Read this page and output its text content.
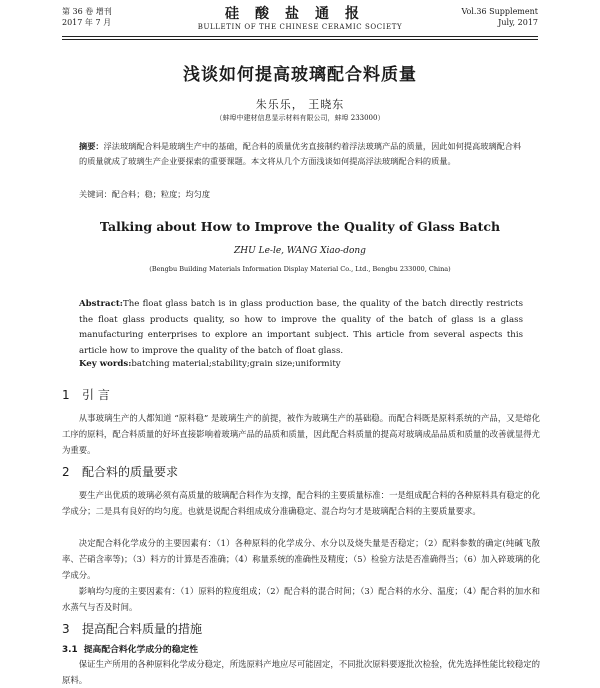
第 36 卷 增刊
2017 年 7 月
硅酸盐通报
BULLETIN OF THE CHINESE CERAMIC SOCIETY
Vol.36 Supplement
July, 2017
浅谈如何提高玻璃配合料质量
朱乐乐， 王晓东
（蚌埠中建材信息显示材料有限公司，蚌埠 233000）
摘要：浮法玻璃配合料是玻璃生产中的基础，配合料的质量优劣直接制约着浮法玻璃产品的质量，因此如何提高玻璃配合料的质量就成了玻璃生产企业要探索的重要课题。本文将从几个方面浅谈如何提高浮法玻璃配合料的质量。
关键词：配合料；稳；粒度；均匀度
Talking about How to Improve the Quality of Glass Batch
ZHU Le-le, WANG Xiao-dong
(Bengbu Building Materials Information Display Material Co., Ltd., Bengbu 233000, China)
Abstract:The float glass batch is in glass production base, the quality of the batch directly restricts the float glass products quality, so how to improve the quality of the batch of glass is a glass manufacturing enterprises to explore an important subject. This article from several aspects this article how to improve the quality of the batch of float glass.
Key words:batching material;stability;grain size;uniformity
1 引 言
从事玻璃生产的人都知道 “原料稳” 是玻璃生产的前提，被作为玻璃生产的基础稳。而配合料既是原料系统的产品，又是熔化工序的原料，配合料质量的好坏直接影响着玻璃产品的品质和质量，因此配合料质量的提高对玻璃成品品质和质量的改善就显得尤为重要。
2 配合料的质量要求
要生产出优质的玻璃必须有高质量的玻璃配合料作为支撑，配合料的主要质量标准：一是组成配合料的各种原料具有稳定的化学成分；二是具有良好的均匀度。也就是说配合料组成成分准确稳定、混合均匀才是玻璃配合料的主要质量要求。
决定配合料化学成分的主要因素有：（1）各种原料的化学成分、水分以及烧失量是否稳定；（2）配料参数的确定(纯碱飞散率、芒硝含率等)；（3）料方的计算是否准确；（4）称量系统的准确性及精度；（5）检验方法是否准确得当；（6）加入碎玻璃的化学成分。
影响均匀度的主要因素有：（1）原料的粒度组成；（2）配合料的混合时间；（3）配合料的水分、温度；（4）配合料的加水和水蒸气与否及时间。
3 提高配合料质量的措施
3.1 提高配合料化学成分的稳定性
保证生产所用的各种原料化学成分稳定，所选原料产地应尽可能固定，不同批次原料要逐批次检验，优先选择性能比较稳定的原料。
